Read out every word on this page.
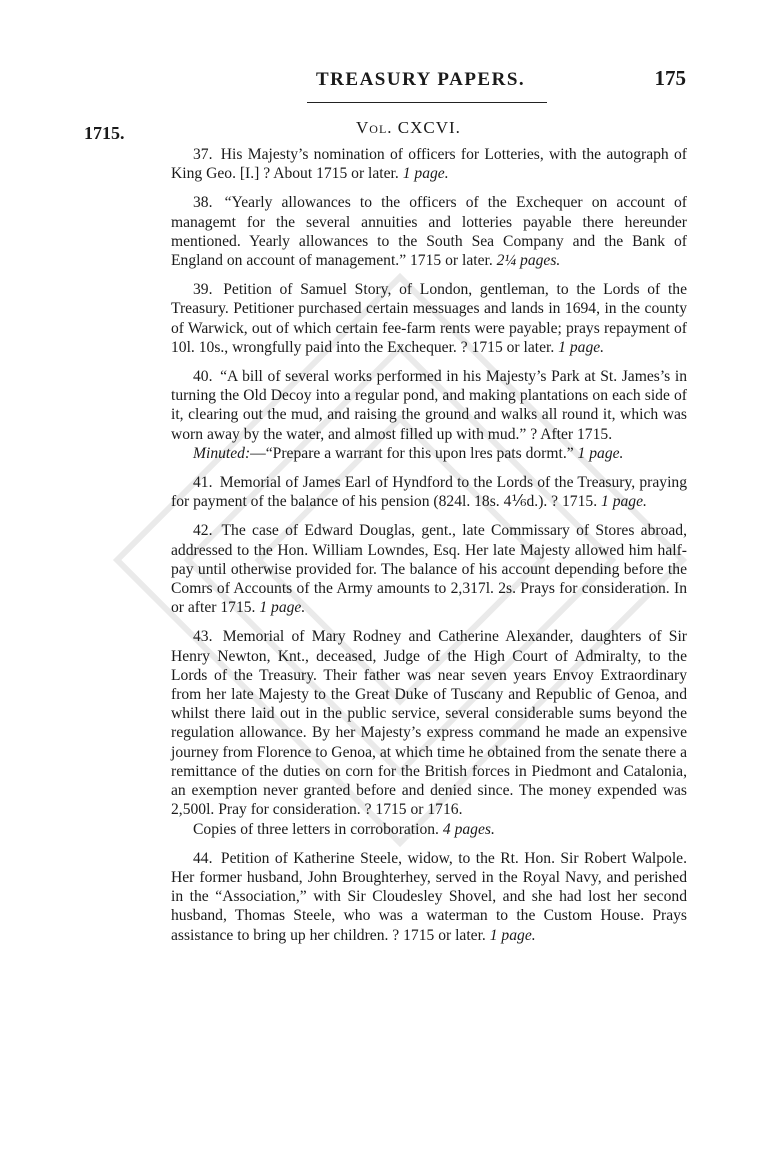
TREASURY PAPERS.	175
1715.	Vol. CXCVI.

37. His Majesty’s nomination of officers for Lotteries, with the autograph of King Geo. [I.] ? About 1715 or later. 1 page.

38. “Yearly allowances to the officers of the Exchequer on account of managemt for the several annuities and lotteries payable there hereunder mentioned. Yearly allowances to the South Sea Company and the Bank of England on account of management.” 1715 or later. 2¼ pages.

39. Petition of Samuel Story, of London, gentleman, to the Lords of the Treasury. Petitioner purchased certain messuages and lands in 1694, in the county of Warwick, out of which certain fee-farm rents were payable; prays repayment of 10l. 10s., wrongfully paid into the Exchequer. ? 1715 or later. 1 page.

40. “A bill of several works performed in his Majesty’s Park at St. James’s in turning the Old Decoy into a regular pond, and making plantations on each side of it, clearing out the mud, and raising the ground and walks all round it, which was worn away by the water, and almost filled up with mud.” ? After 1715.

Minuted:—“Prepare a warrant for this upon lres pats dormt.” 1 page.

41. Memorial of James Earl of Hyndford to the Lords of the Treasury, praying for payment of the balance of his pension (824l. 18s. 4⅙d.). ? 1715. 1 page.

42. The case of Edward Douglas, gent., late Commissary of Stores abroad, addressed to the Hon. William Lowndes, Esq. Her late Majesty allowed him half-pay until otherwise provided for. The balance of his account depending before the Comrs of Accounts of the Army amounts to 2,317l. 2s. Prays for consideration. In or after 1715. 1 page.

43. Memorial of Mary Rodney and Catherine Alexander, daughters of Sir Henry Newton, Knt., deceased, Judge of the High Court of Admiralty, to the Lords of the Treasury. Their father was near seven years Envoy Extraordinary from her late Majesty to the Great Duke of Tuscany and Republic of Genoa, and whilst there laid out in the public service, several considerable sums beyond the regulation allowance. By her Majesty’s express command he made an expensive journey from Florence to Genoa, at which time he obtained from the senate there a remittance of the duties on corn for the British forces in Piedmont and Catalonia, an exemption never granted before and denied since. The money expended was 2,500l. Pray for consideration. ? 1715 or 1716.

Copies of three letters in corroboration. 4 pages.

44. Petition of Katherine Steele, widow, to the Rt. Hon. Sir Robert Walpole. Her former husband, John Broughterhey, served in the Royal Navy, and perished in the “Association,” with Sir Cloudesley Shovel, and she had lost her second husband, Thomas Steele, who was a waterman to the Custom House. Prays assistance to bring up her children. ? 1715 or later. 1 page.
